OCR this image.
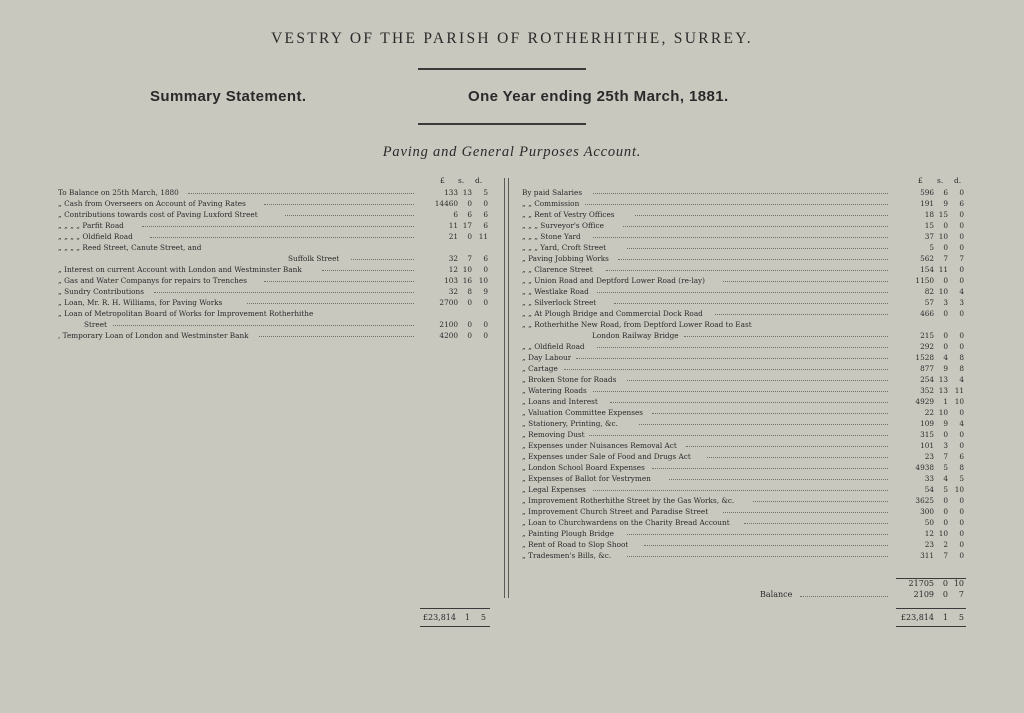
VESTRY OF THE PARISH OF ROTHERHITHE, SURREY.
Summary Statement.	One Year ending 25th March, 1881.
Paving and General Purposes Account.
£ s. d.	£ s. d.
To Balance on 25th March, 1880	133 13	5
„ Cash from Overseers on Account of Paving Rates	14460	0	0
„ Contributions towards cost of Paving Luxford Street	6	6	6
„ „ „ „ Parfit Road	11 17	6
„ „ „ „ Oldfield Road	21	0 11
„ „ „ „ Reed Street, Canute Street, and
Suffolk Street	32	7	6
„ Interest on current Account with London and Westminster Bank	12 10	0
„ Gas and Water Companys for repairs to Trenches	103 16 10
„ Sundry Contributions	32	8	9
„ Loan, Mr. R. H. Williams, for Paving Works	2700	0	0
„ Loan of Metropolitan Board of Works for Improvement Rotherhithe
Street	2100	0	0
, Temporary Loan of London and Westminster Bank	4200	0	0
By paid Salaries	596	6	0
„ „ Commission	191	9	6
„ „ Rent of Vestry Offices	18 15	0
„ „ „ Surveyor's Office	15	0	0
„ „ „ Stone Yard	37 10	0
„ „ „ Yard, Croft Street	5	0	0
„ Paving Jobbing Works	562	7	7
„ „ Clarence Street	154 11	0
„ „ Union Road and Deptford Lower Road (re-lay)	1150	0	0
„ „ Westlake Road	82 10	4
„ „ Silverlock Street	57	3	3
„ „ At Plough Bridge and Commercial Dock Road	466	0	0
„ „ Rotherhithe New Road, from Deptford Lower Road to East
London Railway Bridge	215	0	0
„ „ Oldfield Road	292	0	0
„ Day Labour	1528	4	8
„ Cartage	877	9	8
„ Broken Stone for Roads	254 13	4
„ Watering Roads	352 13 11
„ Loans and Interest	4929	1 10
„ Valuation Committee Expenses	22 10	0
„ Stationery, Printing, &c.	109	9	4
„ Removing Dust	315	0	0
„ Expenses under Nuisances Removal Act	101	3	0
„ Expenses under Sale of Food and Drugs Act	23	7	6
„ London School Board Expenses	4938	5	8
„ Expenses of Ballot for Vestrymen	33	4	5
„ Legal Expenses	54	5 10
„ Improvement Rotherhithe Street by the Gas Works, &c.	3625	0	0
„ Improvement Church Street and Paradise Street	300	0	0
„ Loan to Churchwardens on the Charity Bread Account	50	0	0
„ Painting Plough Bridge	12 10	0
„ Rent of Road to Slop Shoot	23	2	0
„ Tradesmen's Bills, &c.	311	7	0
21705	0 10
Balance	2109	0	7
£23,814	1	5	£23,814	1	5
